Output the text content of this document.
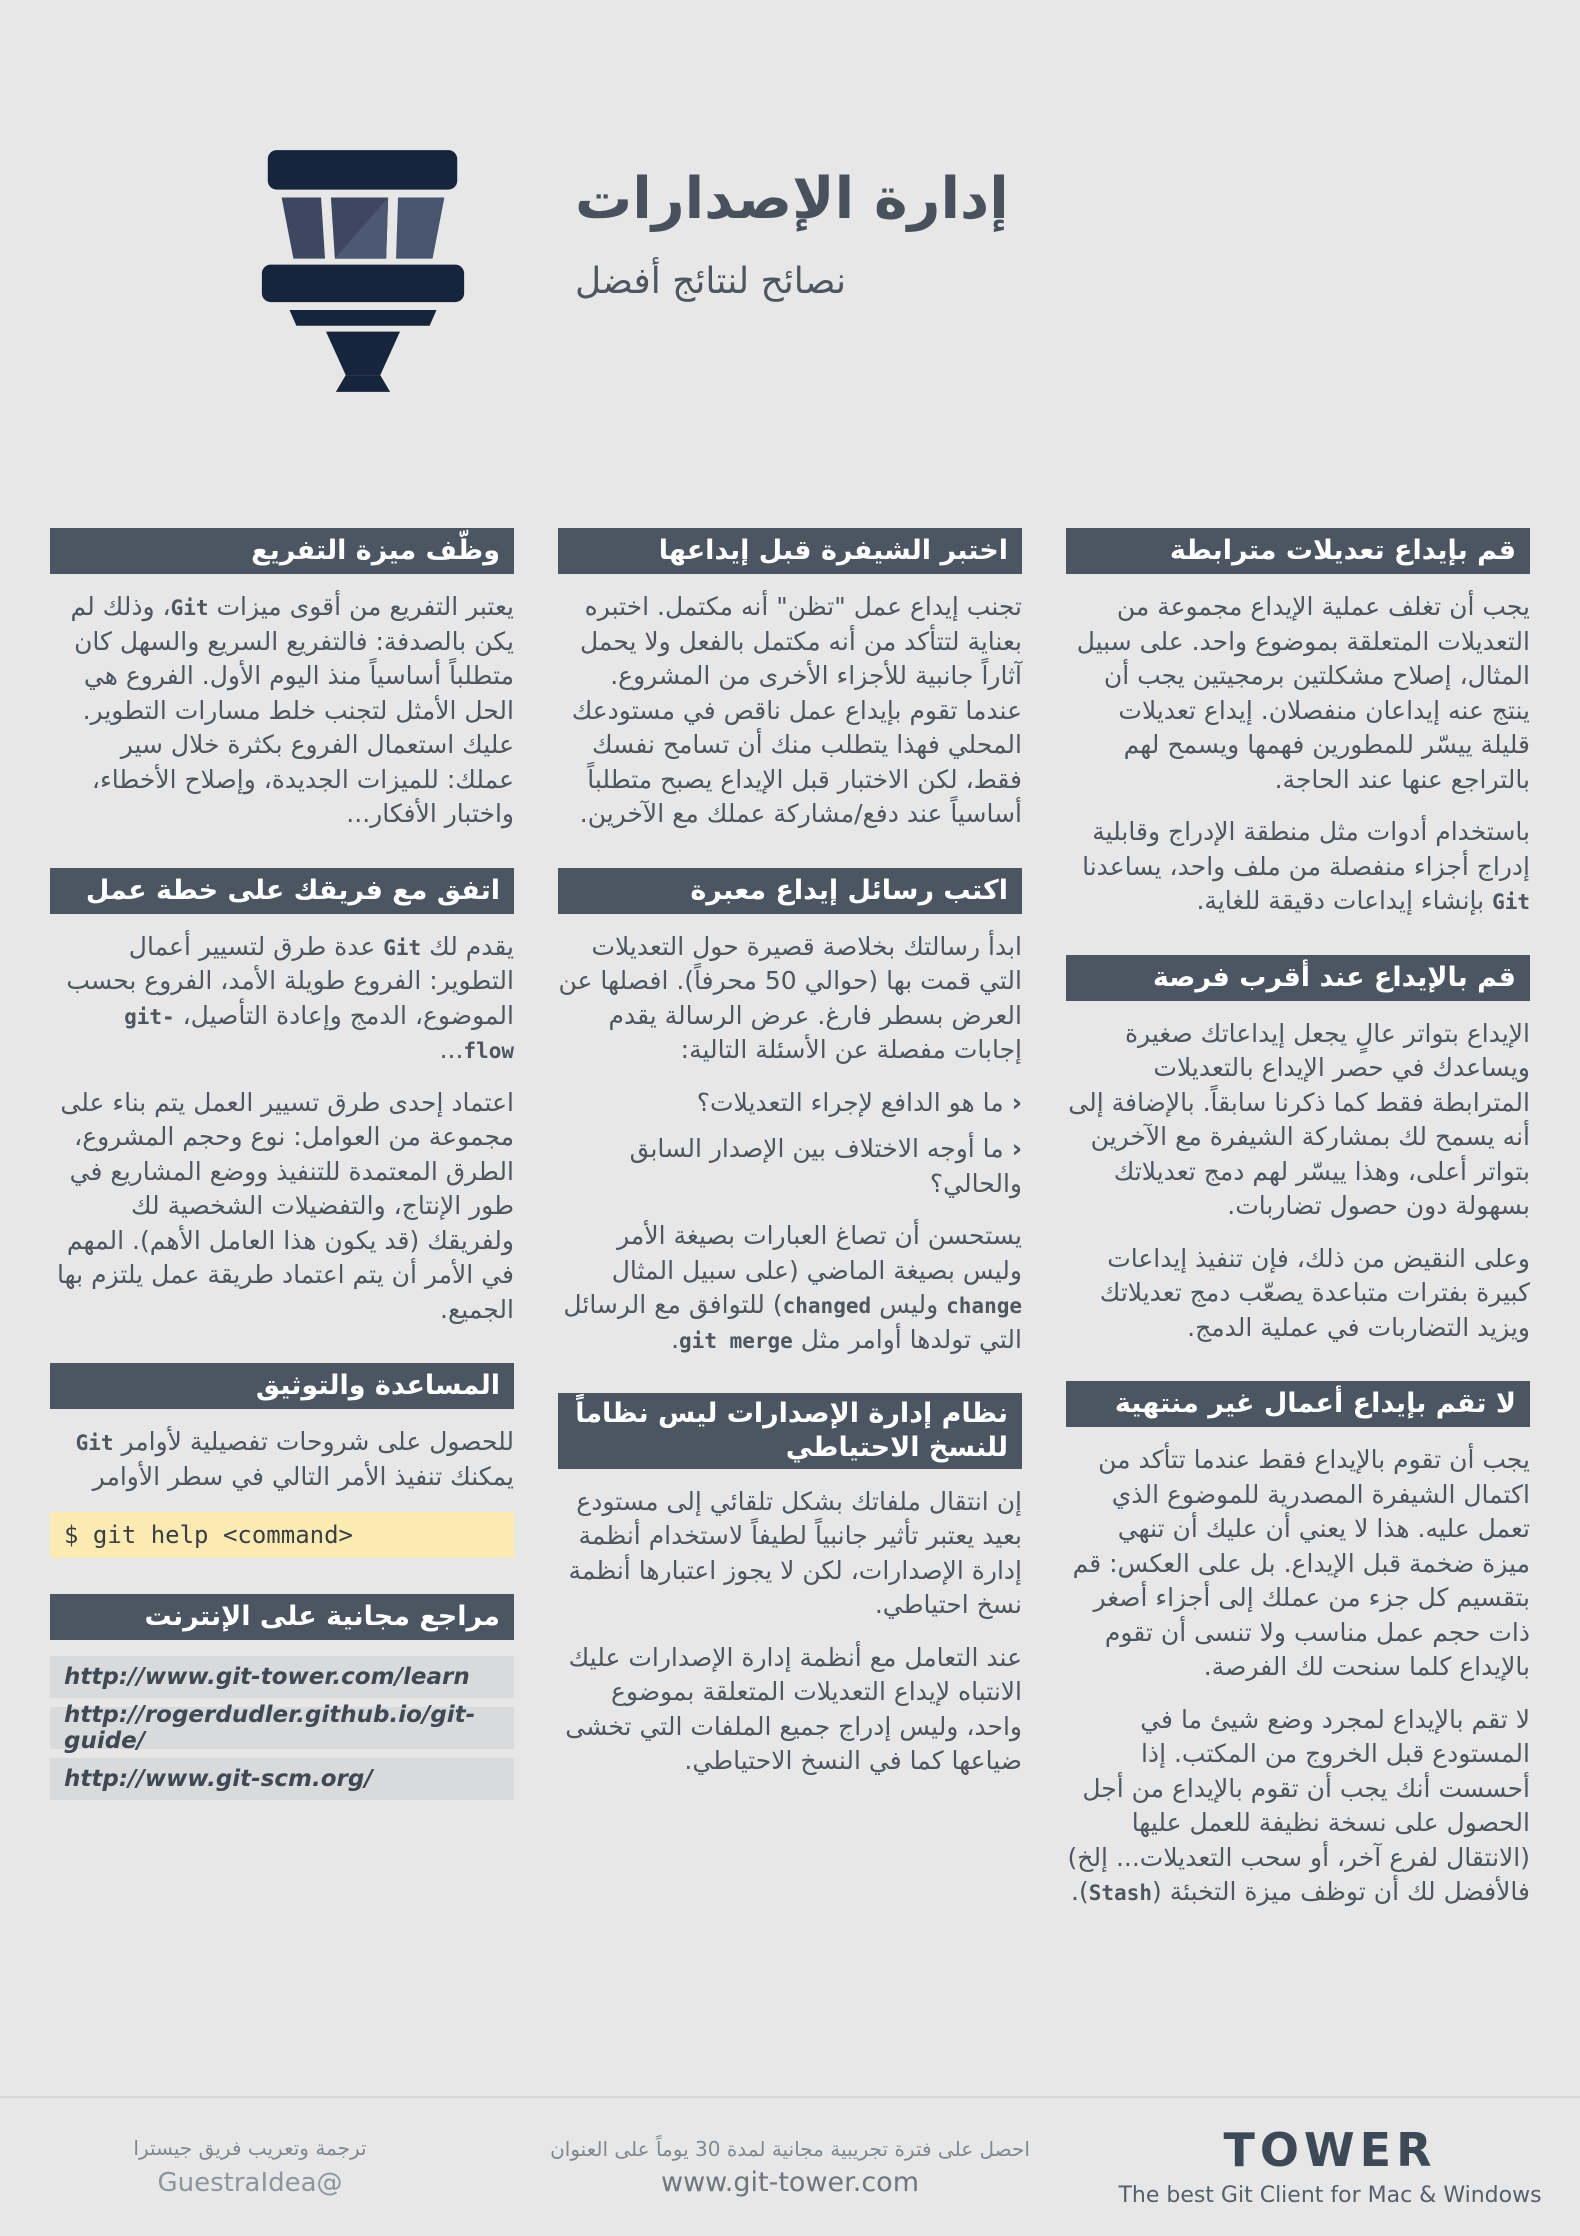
إدارة الإصدارات

نصائح لنتائج أفضل

قم بإيداع تعديلات مترابطة

يجب أن تغلف عملية الإيداع مجموعة من التعديلات المتعلقة بموضوع واحد. على سبيل المثال، إصلاح مشكلتين برمجيتين يجب أن ينتج عنه إيداعان منفصلان. إيداع تعديلات قليلة ييسّر للمطورين فهمها ويسمح لهم بالتراجع عنها عند الحاجة.

باستخدام أدوات مثل منطقة الإدراج وقابلية إدراج أجزاء منفصلة من ملف واحد، يساعدنا Git بإنشاء إيداعات دقيقة للغاية.

قم بالإيداع عند أقرب فرصة

الإيداع بتواتر عالٍ يجعل إيداعاتك صغيرة ويساعدك في حصر الإيداع بالتعديلات المترابطة فقط كما ذكرنا سابقاً. بالإضافة إلى أنه يسمح لك بمشاركة الشيفرة مع الآخرين بتواتر أعلى، وهذا ييسّر لهم دمج تعديلاتك بسهولة دون حصول تضاربات.

وعلى النقيض من ذلك، فإن تنفيذ إيداعات كبيرة بفترات متباعدة يصعّب دمج تعديلاتك ويزيد التضاربات في عملية الدمج.

لا تقم بإيداع أعمال غير منتهية

يجب أن تقوم بالإيداع فقط عندما تتأكد من اكتمال الشيفرة المصدرية للموضوع الذي تعمل عليه. هذا لا يعني أن عليك أن تنهي ميزة ضخمة قبل الإيداع. بل على العكس: قم بتقسيم كل جزء من عملك إلى أجزاء أصغر ذات حجم عمل مناسب ولا تنسى أن تقوم بالإيداع كلما سنحت لك الفرصة.

لا تقم بالإيداع لمجرد وضع شيئ ما في المستودع قبل الخروج من المكتب. إذا أحسست أنك يجب أن تقوم بالإيداع من أجل الحصول على نسخة نظيفة للعمل عليها (الانتقال لفرع آخر، أو سحب التعديلات... إلخ) فالأفضل لك أن توظف ميزة التخبئة (Stash).

اختبر الشيفرة قبل إيداعها

تجنب إيداع عمل "تظن" أنه مكتمل. اختبره بعناية لتتأكد من أنه مكتمل بالفعل ولا يحمل آثاراً جانبية للأجزاء الأخرى من المشروع. عندما تقوم بإيداع عمل ناقص في مستودعك المحلي فهذا يتطلب منك أن تسامح نفسك فقط، لكن الاختبار قبل الإيداع يصبح متطلباً أساسياً عند دفع/مشاركة عملك مع الآخرين.

اكتب رسائل إيداع معبرة

ابدأ رسالتك بخلاصة قصيرة حول التعديلات التي قمت بها (حوالي 50 محرفاً). افصلها عن العرض بسطر فارغ. عرض الرسالة يقدم إجابات مفصلة عن الأسئلة التالية:

‹ما هو الدافع لإجراء التعديلات؟
‹ما أوجه الاختلاف بين الإصدار السابق والحالي؟

يستحسن أن تصاغ العبارات بصيغة الأمر وليس بصيغة الماضي (على سبيل المثال change وليس changed) للتوافق مع الرسائل التي تولدها أوامر مثل git merge.

نظام إدارة الإصدارات ليس نظاماً للنسخ الاحتياطي

إن انتقال ملفاتك بشكل تلقائي إلى مستودع بعيد يعتبر تأثير جانبياً لطيفاً لاستخدام أنظمة إدارة الإصدارات، لكن لا يجوز اعتبارها أنظمة نسخ احتياطي.

عند التعامل مع أنظمة إدارة الإصدارات عليك الانتباه لإيداع التعديلات المتعلقة بموضوع واحد، وليس إدراج جميع الملفات التي تخشى ضياعها كما في النسخ الاحتياطي.

وظّف ميزة التفريع

يعتبر التفريع من أقوى ميزات Git، وذلك لم يكن بالصدفة: فالتفريع السريع والسهل كان متطلباً أساسياً منذ اليوم الأول. الفروع هي الحل الأمثل لتجنب خلط مسارات التطوير. عليك استعمال الفروع بكثرة خلال سير عملك: للميزات الجديدة، وإصلاح الأخطاء، واختبار الأفكار...

اتفق مع فريقك على خطة عمل

يقدم لك Git عدة طرق لتسيير أعمال التطوير: الفروع طويلة الأمد، الفروع بحسب الموضوع، الدمج وإعادة التأصيل، git-flow...

اعتماد إحدى طرق تسيير العمل يتم بناء على مجموعة من العوامل: نوع وحجم المشروع، الطرق المعتمدة للتنفيذ ووضع المشاريع في طور الإنتاج، والتفضيلات الشخصية لك ولفريقك (قد يكون هذا العامل الأهم). المهم في الأمر أن يتم اعتماد طريقة عمل يلتزم بها الجميع.

المساعدة والتوثيق

للحصول على شروحات تفصيلية لأوامر Git يمكنك تنفيذ الأمر التالي في سطر الأوامر

$ git help <command>
مراجع مجانية على الإنترنت
http://www.git-tower.com/learn
http://rogerdudler.github.io/git-guide/
http://www.git-scm.org/

ترجمة وتعريب فريق جيسترا

@GuestraIdea

احصل على فترة تجريبية مجانية لمدة 30 يوماً على العنوان

www.git-tower.com

TOWER

The best Git Client for Mac & Windows
